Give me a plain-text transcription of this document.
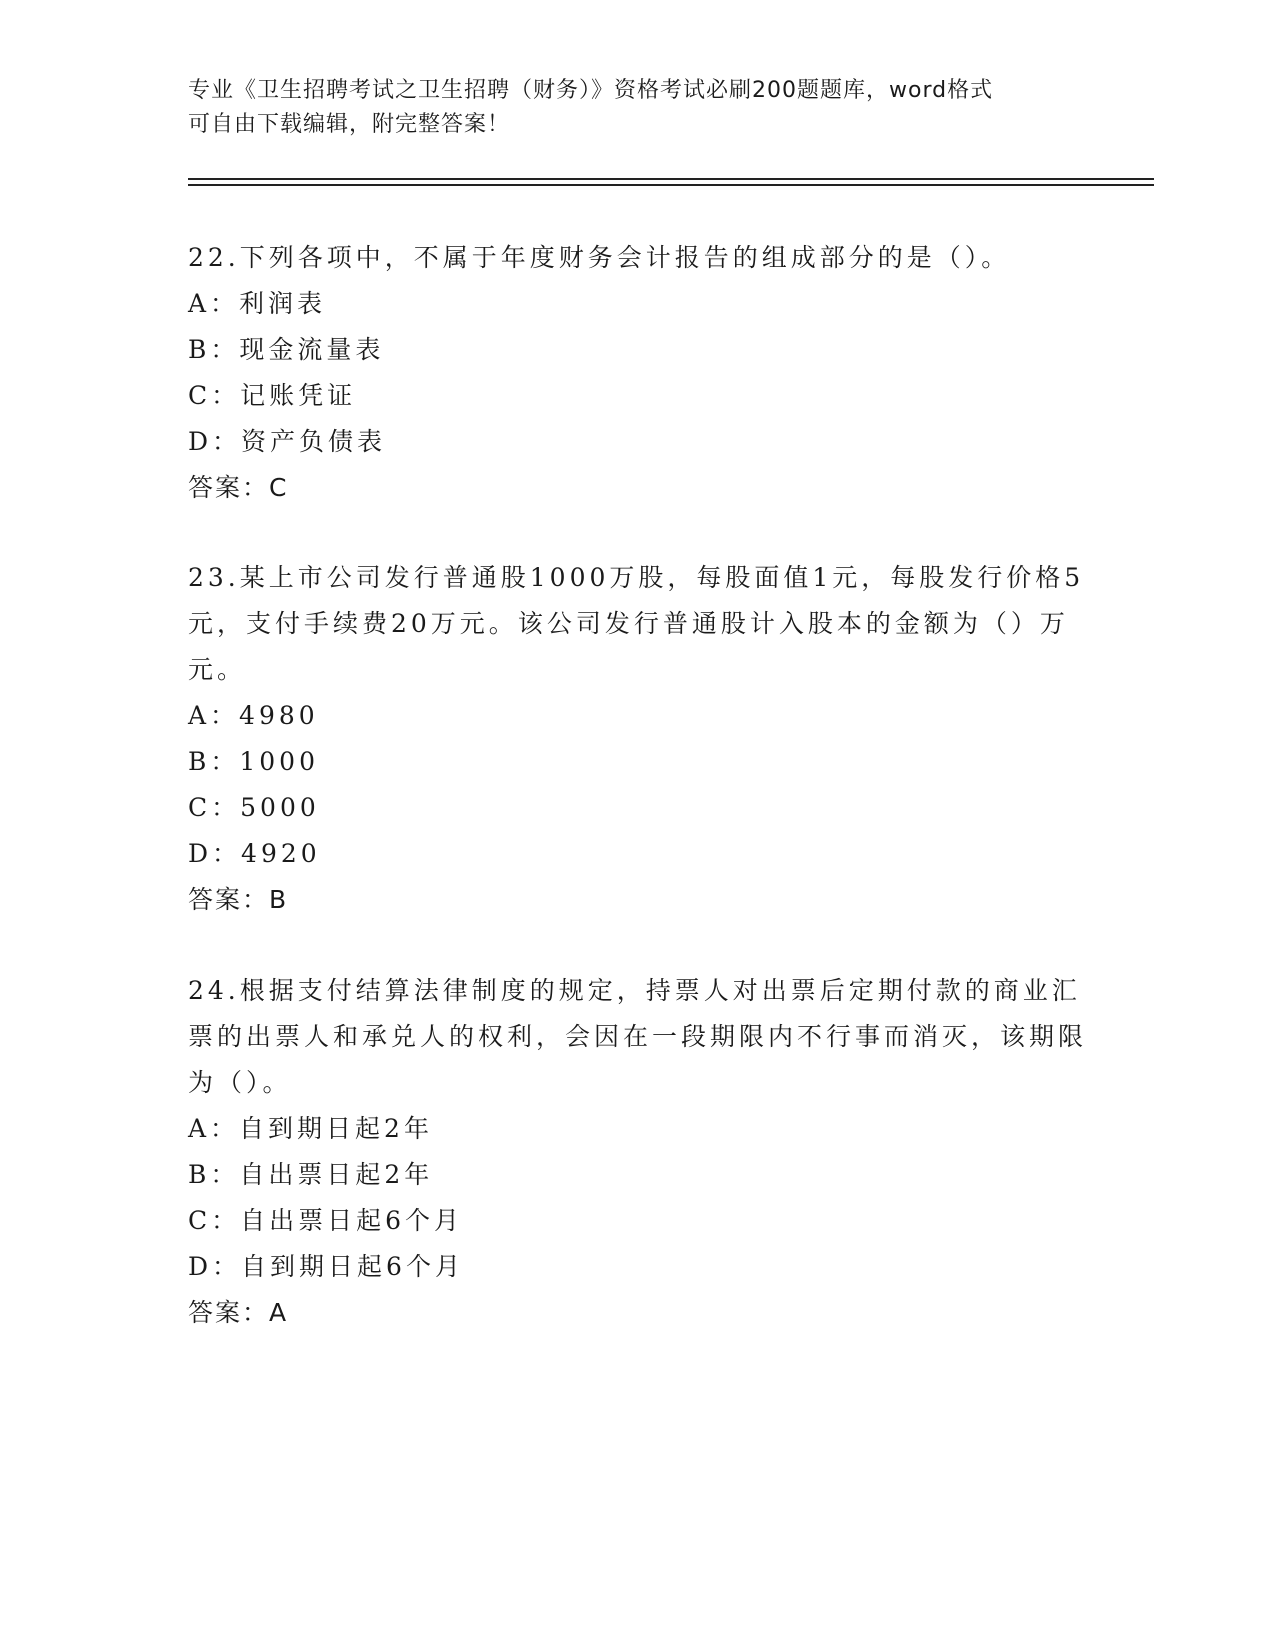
专业《卫生招聘考试之卫生招聘（财务）》资格考试必刷200题题库，word格式
可自由下载编辑，附完整答案！

22.下列各项中，不属于年度财务会计报告的组成部分的是（）。

A：利润表

B：现金流量表

C：记账凭证

D：资产负债表

答案：C

23.某上市公司发行普通股1000万股，每股面值1元，每股发行价格5元，支付手续费20万元。该公司发行普通股计入股本的金额为（）万元。

A：4980

B：1000

C：5000

D：4920

答案：B

24.根据支付结算法律制度的规定，持票人对出票后定期付款的商业汇票的出票人和承兑人的权利，会因在一段期限内不行事而消灭，该期限为（）。

A：自到期日起2年

B：自出票日起2年

C：自出票日起6个月

D：自到期日起6个月

答案：A
